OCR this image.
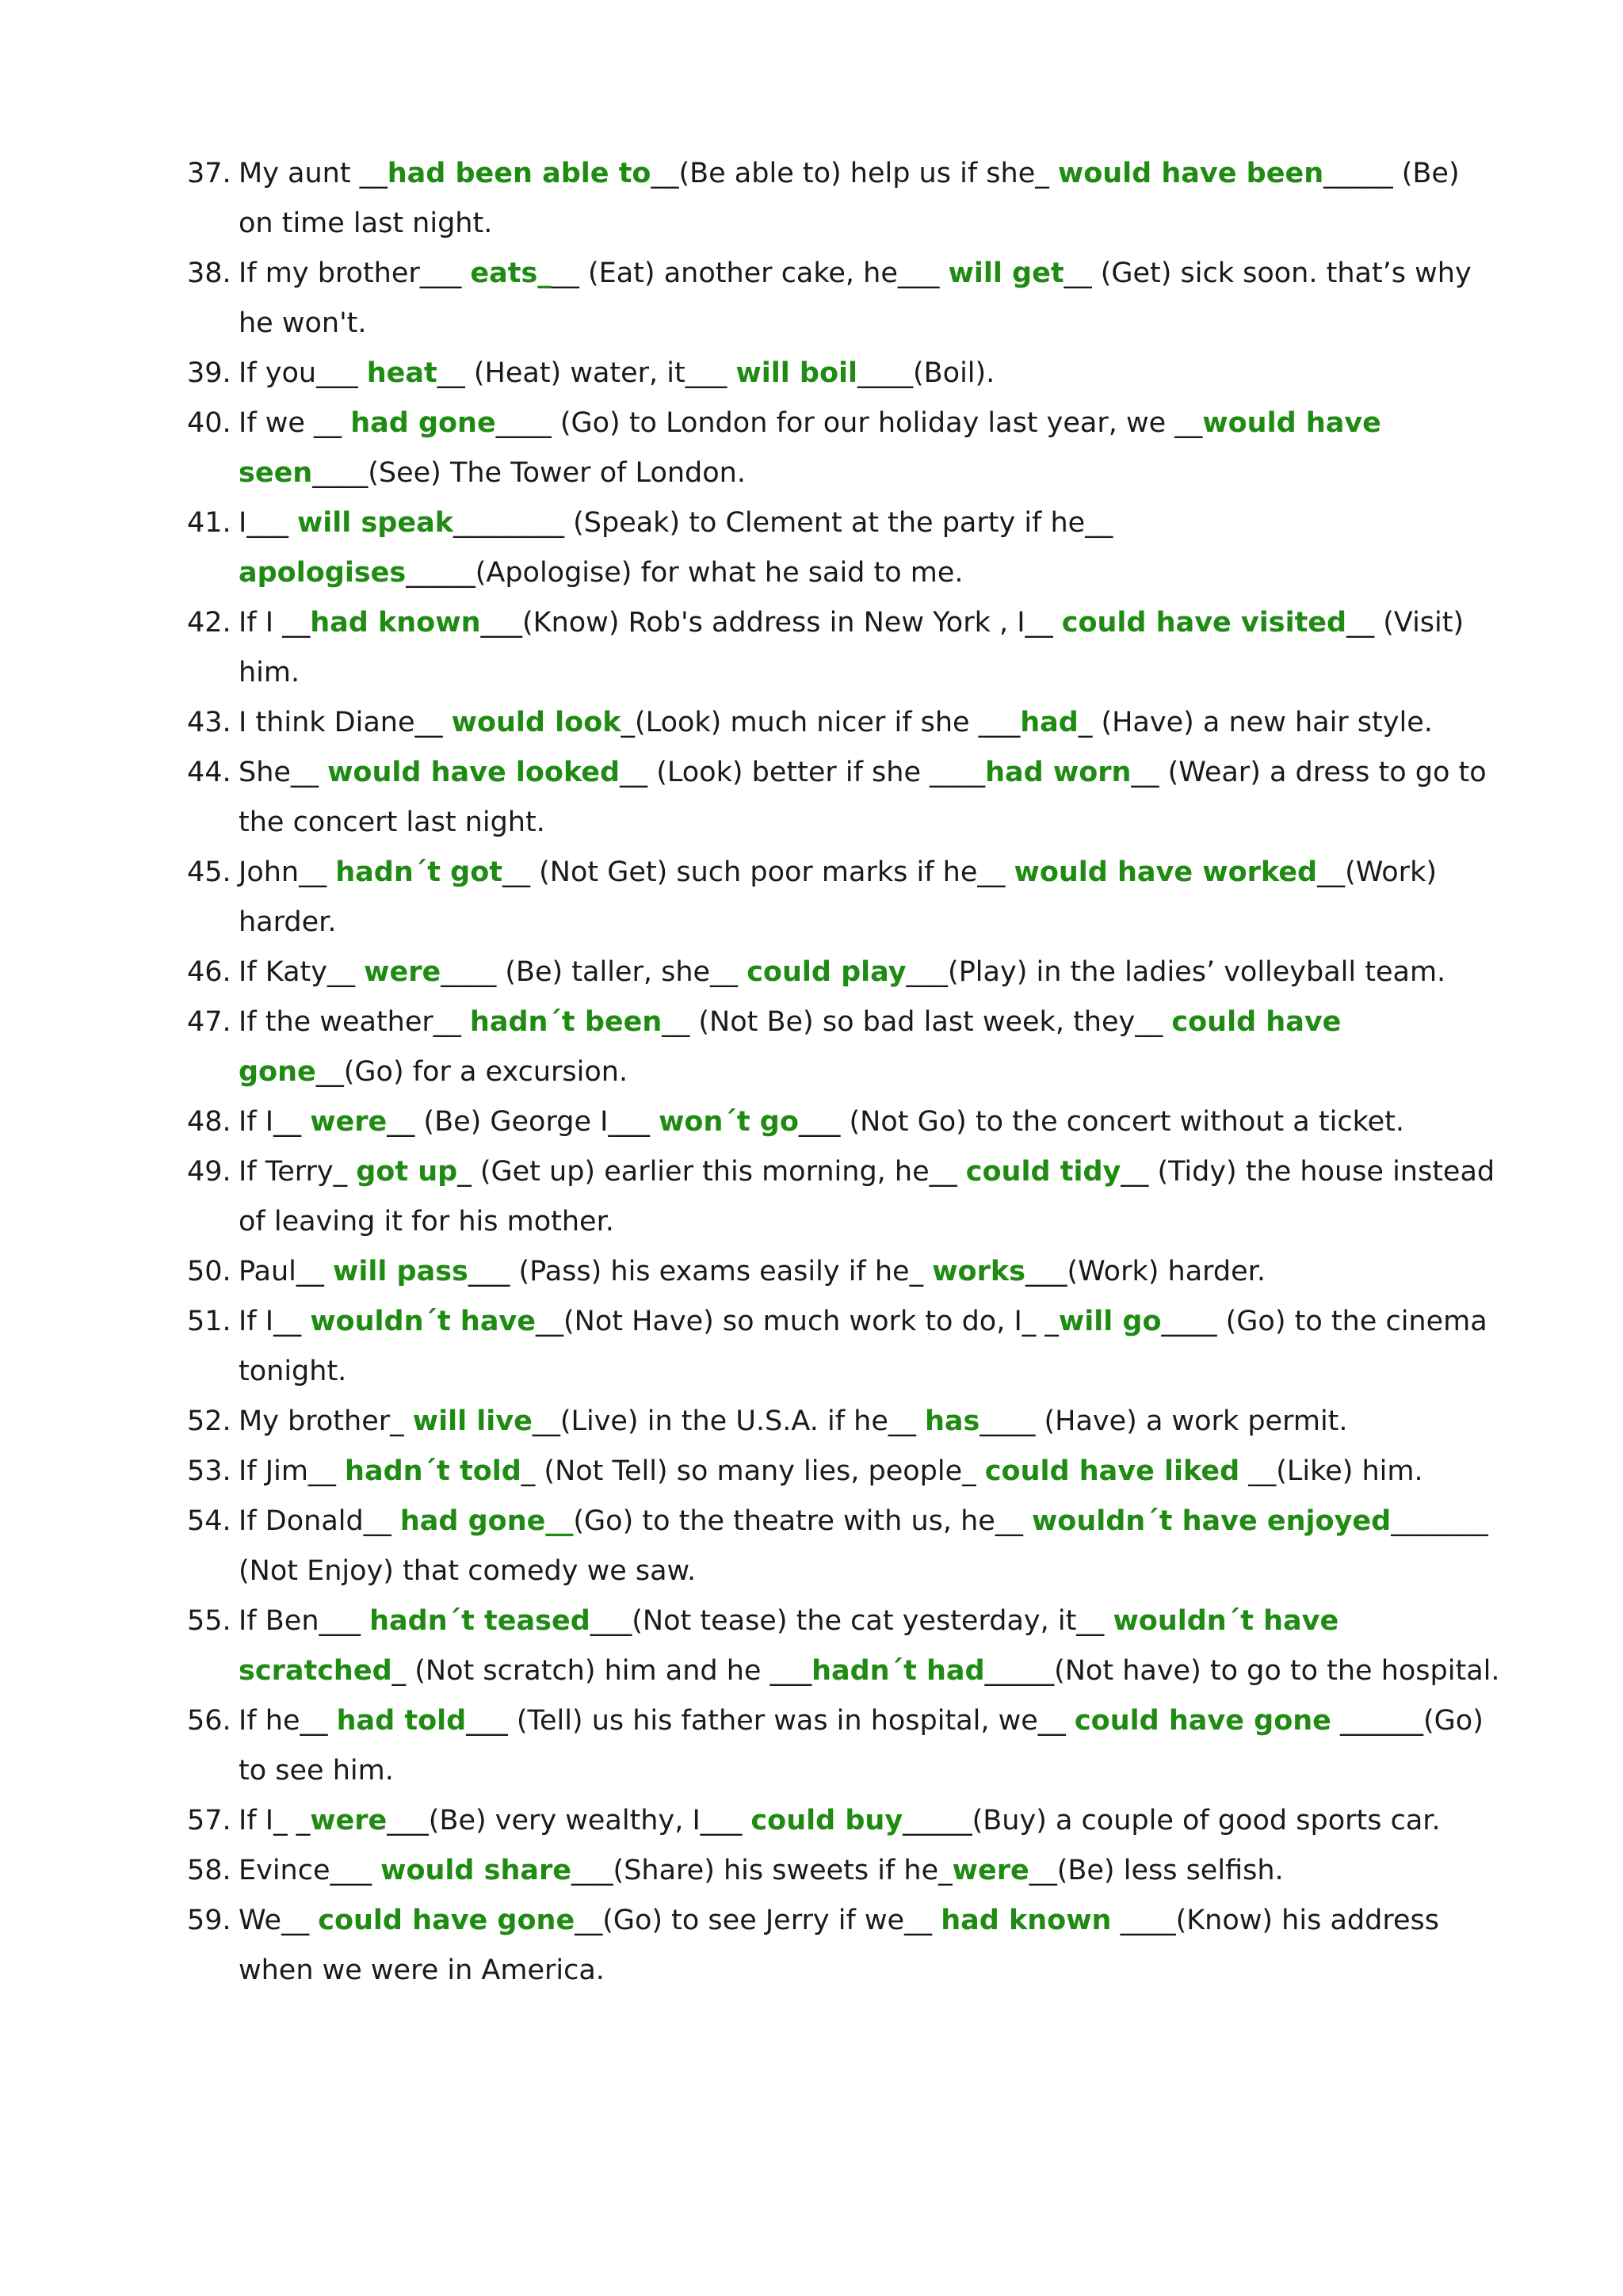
37. My aunt __had been able to__(Be able to) help us if she_ would have been_____ (Be) on time last night.
38. If my brother___ eats___ (Eat) another cake, he___ will get__ (Get) sick soon. that’s why he won't.
39. If you___ heat__ (Heat) water, it___ will boil____(Boil).
40. If we __ had gone____ (Go) to London for our holiday last year, we __would have seen____(See) The Tower of London.
41. I___ will speak________ (Speak) to Clement at the party if he__ apologises_____(Apologise) for what he said to me.
42. If I __had known___(Know) Rob's address in New York , I__ could have visited__ (Visit) him.
43. I think Diane__ would look_(Look) much nicer if she ___had_ (Have) a new hair style.
44. She__ would have looked__ (Look) better if she ____had worn__ (Wear) a dress to go to the concert last night.
45. John__ hadn´t got__ (Not Get) such poor marks if he__ would have worked__(Work) harder.
46. If Katy__ were____ (Be) taller, she__ could play___(Play) in the ladies’ volleyball team.
47. If the weather__ hadn´t been__ (Not Be) so bad last week, they__ could have gone__(Go) for a excursion.
48. If I__ were__ (Be) George I___ won´t go___ (Not Go) to the concert without a ticket.
49. If Terry_ got up_ (Get up) earlier this morning, he__ could tidy__ (Tidy) the house instead of leaving it for his mother.
50. Paul__ will pass___ (Pass) his exams easily if he_ works___(Work) harder.
51. If I__ wouldn´t have__(Not Have) so much work to do, I_ _will go____ (Go) to the cinema tonight.
52. My brother_ will live__(Live) in the U.S.A. if he__ has____ (Have) a work permit.
53. If Jim__ hadn´t told_ (Not Tell) so many lies, people_ could have liked __(Like) him.
54. If Donald__ had gone__(Go) to the theatre with us, he__ wouldn´t have enjoyed_______ (Not Enjoy) that comedy we saw.
55. If Ben___ hadn´t teased___(Not tease) the cat yesterday, it__ wouldn´t have scratched_ (Not scratch) him and he ___hadn´t had_____(Not have) to go to the hospital.
56. If he__ had told___ (Tell) us his father was in hospital, we__ could have gone ______(Go) to see him.
57. If I_ _were___(Be) very wealthy, I___ could buy_____(Buy) a couple of good sports car.
58. Evince___ would share___(Share) his sweets if he_were__(Be) less selfish.
59. We__ could have gone__(Go) to see Jerry if we__ had known ____(Know) his address when we were in America.
